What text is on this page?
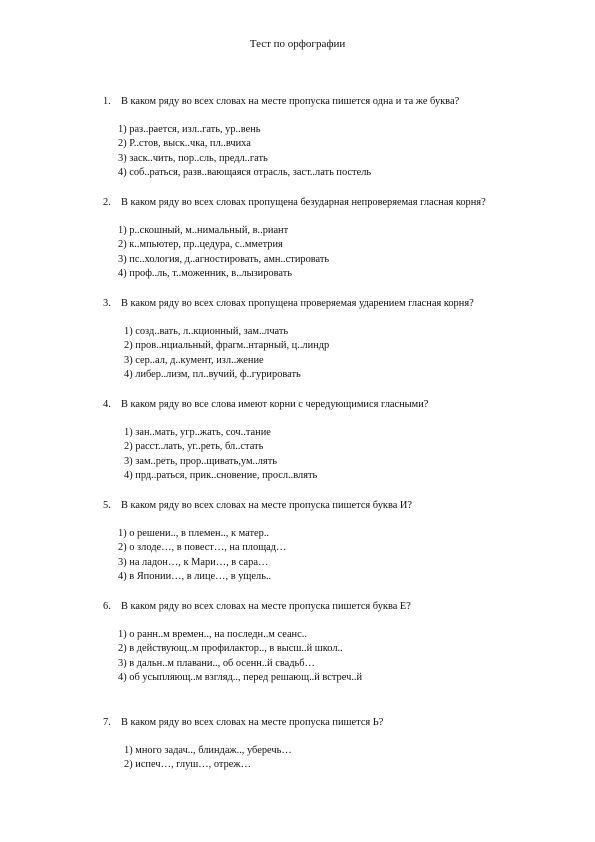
Тест по орфографии
1. В каком ряду во всех словах на месте пропуска пишется одна и та же буква?
1) раз..рается, изл..гать, ур..вень
2) Р..стов, выск..чка, пл..вчиха
3) заск..чить, пор..сль, предл..гать
4) соб..раться, разв..вающаяся отрасль, заст..лать постель
2. В каком ряду во всех словах пропущена безударная непроверяемая гласная корня?
1) р..скошный, м..нимальный, в..риант
2) к..мпьютер, пр..цедура, с..мметрия
3) пс..хология, д..агностировать, амн..стировать
4) проф..ль, т..моженник, в..лызировать
3. В каком ряду во всех словах пропущена проверяемая ударением гласная корня?
1) созд..вать, л..кционный, зам..лчать
2) пров..нциальный, фрагм..нтарный, ц..линдр
3) сер..ал, д..кумент, изл..жение
4) либер..лизм, пл..вучий, ф..гурировать
4. В каком ряду во все слова имеют корни с чередующимися гласными?
1) зан..мать, угр..жать, соч..тание
2) расст..лать, уг..реть, бл..стать
3) зам..реть, прор..щивать,ум..лять
4) прд..раться, прик..сновение, просл..влять
5. В каком ряду во всех словах на месте пропуска пишется буква И?
1) о решени.., в племен.., к матер..
2) о злоде…, в повест…, на площад…
3) на ладон…, к Мари…, в сара…
4) в Японии…, в лице…, в ущель..
6. В каком ряду во всех словах на месте пропуска пишется буква Е?
1) о ранн..м времен.., на последн..м сеанс..
2) в действующ..м профилактор.., в высш..й школ..
3) в дальн..м плавани.., об осенн..й свадьб…
4) об усыпляющ..м взгляд.., перед решающ..й встреч..й
7. В каком ряду во всех словах на месте пропуска пишется Ь?
1) много задач.., блиндаж.., уберечь…
2) испеч…, глуш…, отреж…
